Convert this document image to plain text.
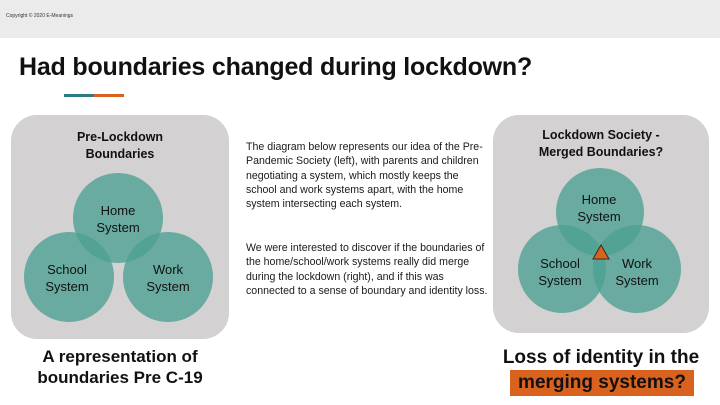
Copyright © 2020 E-Meanings
Had boundaries changed during lockdown?
Pre-Lockdown
Boundaries
Home
System
School
System
Work
System

The diagram below represents our idea of the Pre-Pandemic Society (left), with parents and children negotiating a system, which mostly keeps the school and work systems apart, with the home system intersecting each system.

We were interested to discover if the boundaries of the home/school/work systems really did merge during the lockdown (right), and if this was connected to a sense of boundary and identity loss.

Lockdown Society -
Merged Boundaries?
Home
System
School
System
Work
System
A representation of
boundaries Pre C-19
Loss of identity in the
merging systems?
